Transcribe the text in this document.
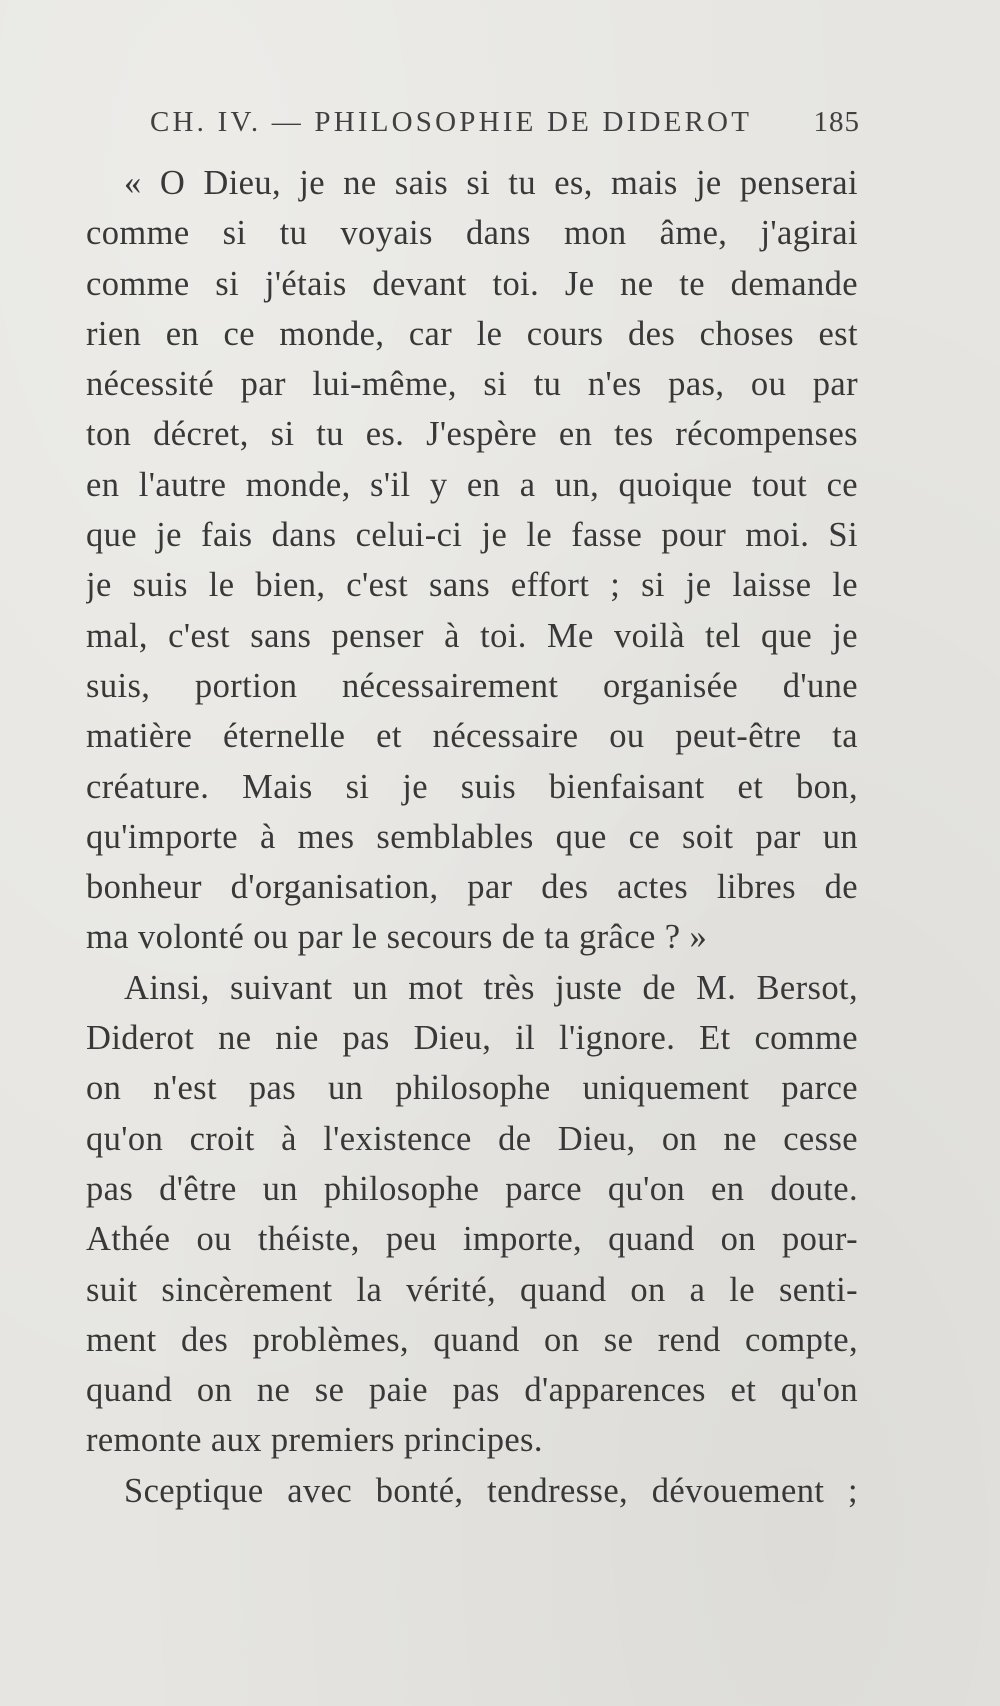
CH. IV. — PHILOSOPHIE DE DIDEROT 185
« O Dieu, je ne sais si tu es, mais je penserai
comme si tu voyais dans mon âme, j'agirai
comme si j'étais devant toi. Je ne te demande
rien en ce monde, car le cours des choses est
nécessité par lui-même, si tu n'es pas, ou par
ton décret, si tu es. J'espère en tes récompenses
en l'autre monde, s'il y en a un, quoique tout ce
que je fais dans celui-ci je le fasse pour moi. Si
je suis le bien, c'est sans effort ; si je laisse le
mal, c'est sans penser à toi. Me voilà tel que je
suis, portion nécessairement organisée d'une
matière éternelle et nécessaire ou peut-être ta
créature. Mais si je suis bienfaisant et bon,
qu'importe à mes semblables que ce soit par un
bonheur d'organisation, par des actes libres de
ma volonté ou par le secours de ta grâce ? »
Ainsi, suivant un mot très juste de M. Bersot,
Diderot ne nie pas Dieu, il l'ignore. Et comme
on n'est pas un philosophe uniquement parce
qu'on croit à l'existence de Dieu, on ne cesse
pas d'être un philosophe parce qu'on en doute.
Athée ou théiste, peu importe, quand on pour-
suit sincèrement la vérité, quand on a le senti-
ment des problèmes, quand on se rend compte,
quand on ne se paie pas d'apparences et qu'on
remonte aux premiers principes.
Sceptique avec bonté, tendresse, dévouement ;
